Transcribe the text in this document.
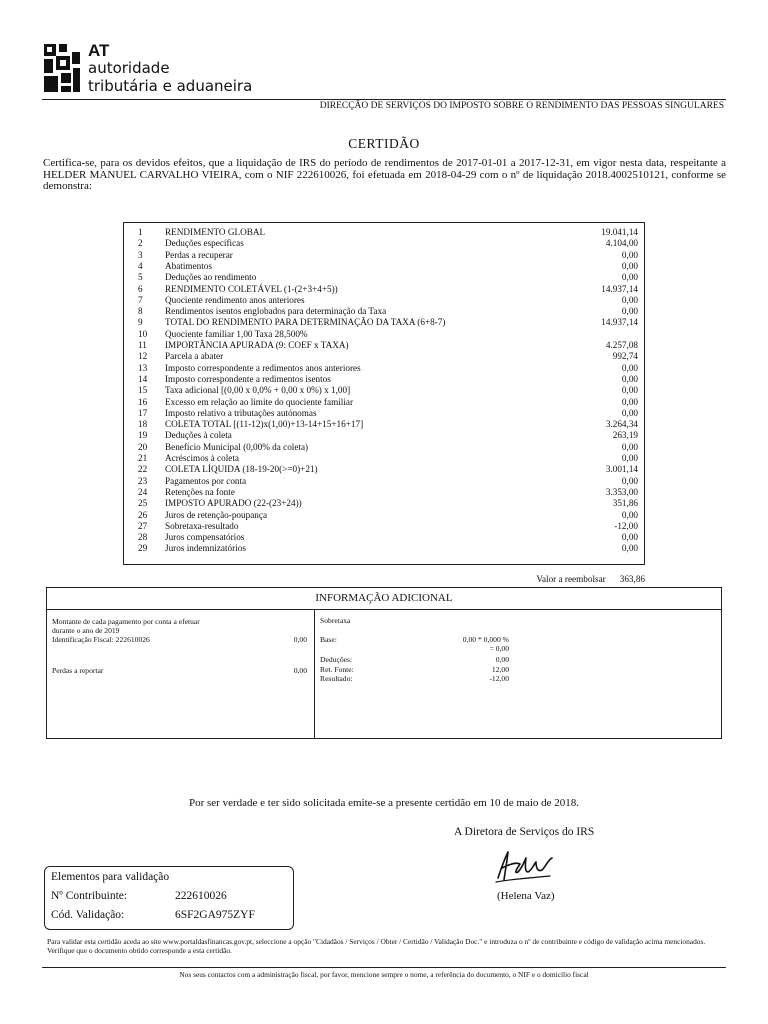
AT
autoridade
tributária e aduaneira
DIRECÇÃO DE SERVIÇOS DO IMPOSTO SOBRE O RENDIMENTO DAS PESSOAS SINGULARES
CERTIDÃO
Certifica-se, para os devidos efeitos, que a liquidação de IRS do período de rendimentos de 2017-01-01 a 2017-12-31, em vigor nesta data, respeitante a HELDER MANUEL CARVALHO VIEIRA, com o NIF 222610026, foi efetuada em 2018-04-29 com o nº de liquidação 2018.4002510121, conforme se demonstra:
1 RENDIMENTO GLOBAL	19.041,14
2 Deduções específicas	4.104,00
3 Perdas a recuperar	0,00
4 Abatimentos	0,00
5 Deduções ao rendimento	0,00
6 RENDIMENTO COLETÁVEL (1-(2+3+4+5))	14.937,14
7 Quociente rendimento anos anteriores	0,00
8 Rendimentos isentos englobados para determinação da Taxa	0,00
9 TOTAL DO RENDIMENTO PARA DETERMINAÇÃO DA TAXA (6+8-7)	14.937,14
10 Quociente familiar 1,00 Taxa 28,500%
11 IMPORTÂNCIA APURADA (9: COEF x TAXA)	4.257,08
12 Parcela a abater	992,74
13 Imposto correspondente a redimentos anos anteriores	0,00
14 Imposto correspondente a redimentos isentos	0,00
15 Taxa adicional [(0,00 x 0,0% + 0,00 x 0%) x 1,00]	0,00
16 Excesso em relação ao limite do quociente familiar	0,00
17 Imposto relativo a tributações autónomas	0,00
18 COLETA TOTAL [(11-12)x(1,00)+13-14+15+16+17]	3.264,34
19 Deduções à coleta	263,19
20 Benefício Municipal (0,00% da coleta)	0,00
21 Acréscimos à coleta	0,00
22 COLETA LÍQUIDA (18-19-20(>=0)+21)	3.001,14
23 Pagamentos por conta	0,00
24 Retenções na fonte	3.353,00
25 IMPOSTO APURADO (22-(23+24))	351,86
26 Juros de retenção-poupança	0,00
27 Sobretaxa-resultado	-12,00
28 Juros compensatórios	0,00
29 Juros indemnizatórios	0,00
Valor a reembolsar 363,86
INFORMAÇÃO ADICIONAL
Montante de cada pagamento por conta a efetuar
durante o ano de 2019
Identificação Fiscal: 222610026	0,00
Perdas a reportar	0,00
Sobretaxa
Base:	0,00 * 0,000 %
= 0,00
Deduções:	0,00
Ret. Fonte:	12,00
Resultado:	-12,00
Por ser verdade e ter sido solicitada emite-se a presente certidão em 10 de maio de 2018.
A Diretora de Serviços do IRS
(Helena Vaz)
Elementos para validação
Nº Contribuinte:	222610026
Cód. Validação:	6SF2GA975ZYF
Para validar esta certidão aceda ao site www.portaldasfinancas.gov.pt, seleccione a opção "Cidadãos / Serviços / Obter / Certidão / Validação Doc." e introduza o nº de contribuinte e código de validação acima mencionados. Verifique que o documento obtido corresponde a esta certidão.
Nos seus contactos com a administração fiscal, por favor, mencione sempre o nome, a referência do documento, o NIF e o domicílio fiscal
